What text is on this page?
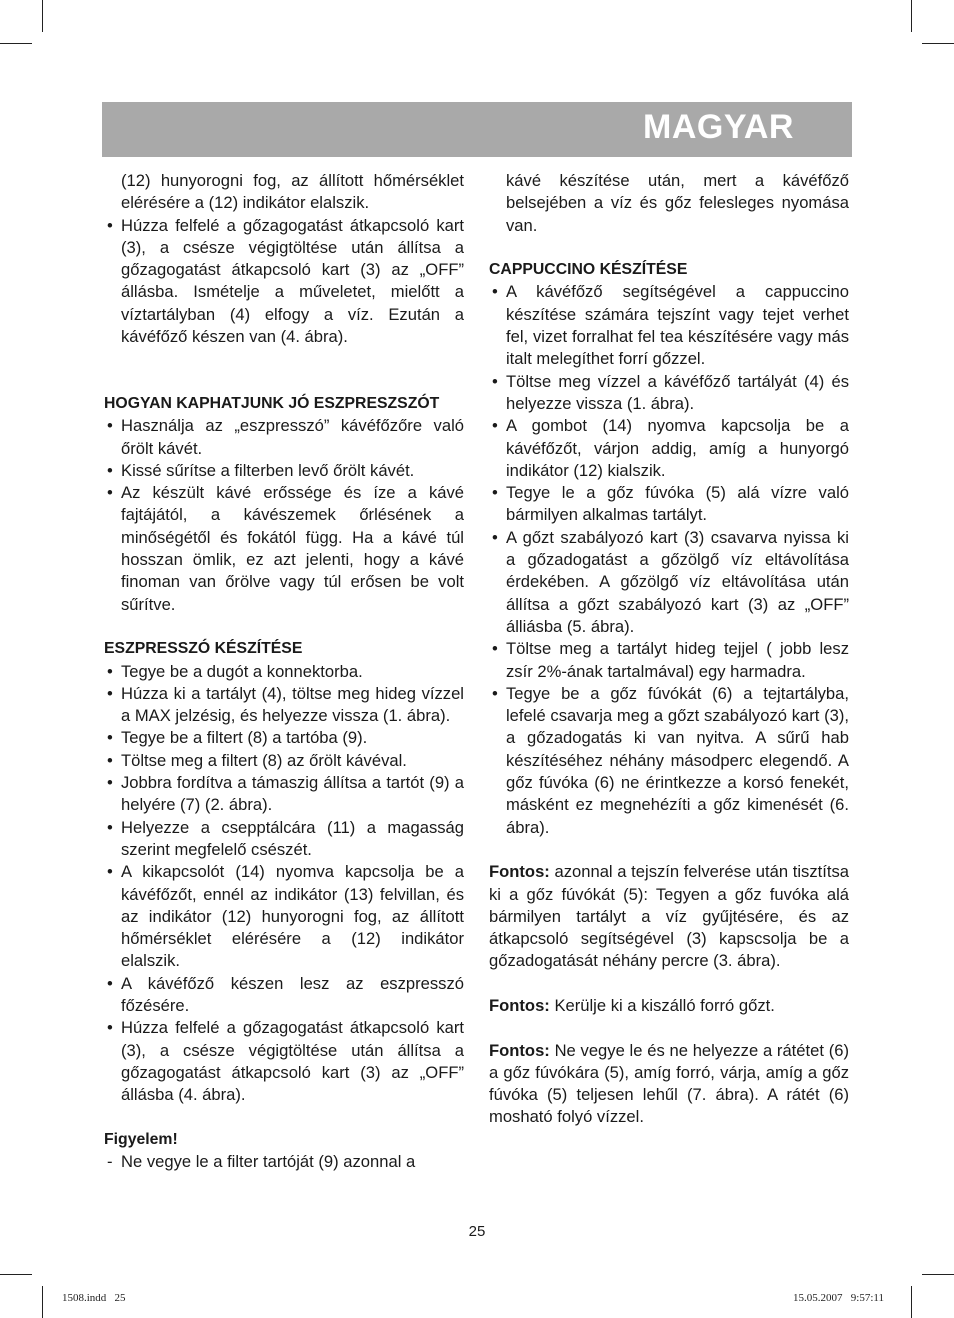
MAGYAR

(12) hunyorogni fog, az állított hőmérséklet elérésére a (12) indikátor elalszik.

• Húzza felfelé a gőzagogatást átkapcsoló kart (3), a csésze végigtöltése után állítsa a gőzagogatást átkapcsoló kart (3) az „OFF” állásba. Ismételje a műveletet, mielőtt a víztartályban (4) elfogy a víz. Ezután a kávéfőző készen van (4. ábra).

HOGYAN KAPHATJUNK JÓ ESZPRESZSZÓT

• Használja az „eszpresszó” kávéfőzőre való őrölt kávét.
• Kissé sűrítse a filterben levő őrölt kávét.
• Az készült kávé erőssége és íze a kávé fajtájától, a kávészemek őrlésének a minőségétől és fokától függ. Ha a kávé túl hosszan ömlik, ez azt jelenti, hogy a kávé finoman van őrölve vagy túl erősen be volt sűrítve.

ESZPRESSZÓ KÉSZÍTÉSE

• Tegye be a dugót a konnektorba.
• Húzza ki a tartályt (4), töltse meg hideg vízzel a MAX jelzésig, és helyezze vissza (1. ábra).
• Tegye be a filtert (8) a tartóba (9).
• Töltse meg a filtert (8) az őrölt kávéval.
• Jobbra fordítva a támaszig állítsa a tartót (9) a helyére (7) (2. ábra).
• Helyezze a csepptálcára (11) a magasság szerint megfelelő csészét.
• A kikapcsolót (14) nyomva kapcsolja be a kávéfőzőt, ennél az indikátor (13) felvillan, és az indikátor (12) hunyorogni fog, az állított hőmérséklet elérésére a (12) indikátor elalszik.
• A kávéfőző készen lesz az eszpresszó főzésére.
• Húzza felfelé a gőzagogatást átkapcsoló kart (3), a csésze végigtöltése után állítsa a gőzagogatást átkapcsoló kart (3) az „OFF” állásba (4. ábra).

Figyelem!

- Ne vegye le a filter tartóját (9) azonnal a

kávé készítése után, mert a kávéfőző belsejében a víz és gőz felesleges nyomása van.

CAPPUCCINO KÉSZÍTÉSE

• A kávéfőző segítségével a cappuccino készítése számára tejszínt vagy tejet verhet fel, vizet forralhat fel tea készítésére vagy más italt melegíthet forrí gőzzel.
• Töltse meg vízzel a kávéfőző tartályát (4) és helyezze vissza (1. ábra).
• A gombot (14) nyomva kapcsolja be a kávéfőzőt, várjon addig, amíg a hunyorgó indikátor (12) kialszik.
• Tegye le a gőz fúvóka (5) alá vízre való bármilyen alkalmas tartályt.
• A gőzt szabályozó kart (3) csavarva nyissa ki a gőzadogatást a gőzölgő víz eltávolítása érdekében. A gőzölgő víz eltávolítása után állítsa a gőzt szabályozó kart (3) az „OFF” álliásba (5. ábra).
• Töltse meg a tartályt hideg tejjel ( jobb lesz zsír 2%-ának tartalmával) egy harmadra.
• Tegye be a gőz fúvókát (6) a tejtartályba, lefelé csavarja meg a gőzt szabályozó kart (3), a gőzadogatás ki van nyitva. A sűrű hab készítéséhez néhány másodperc elegendő. A gőz fúvóka (6) ne érintkezze a korsó fenekét, másként ez megnehézíti a gőz kimenését (6. ábra).

Fontos: azonnal a tejszín felverése után tisztítsa ki a gőz fúvókát (5): Tegyen a gőz fuvóka alá bármilyen tartályt a víz gyűjtésére, és az átkapcsoló segítségével (3) kapscsolja be a gőzadogatását néhány percre (3. ábra).

Fontos: Kerülje ki a kiszálló forró gőzt.

Fontos: Ne vegye le és ne helyezze a rátétet (6) a gőz fúvókára (5), amíg forró, várja, amíg a gőz fúvóka (5) teljesen lehűl (7. ábra). A rátét (6) mosható folyó vízzel.

25
1508.indd   25	15.05.2007   9:57:11
